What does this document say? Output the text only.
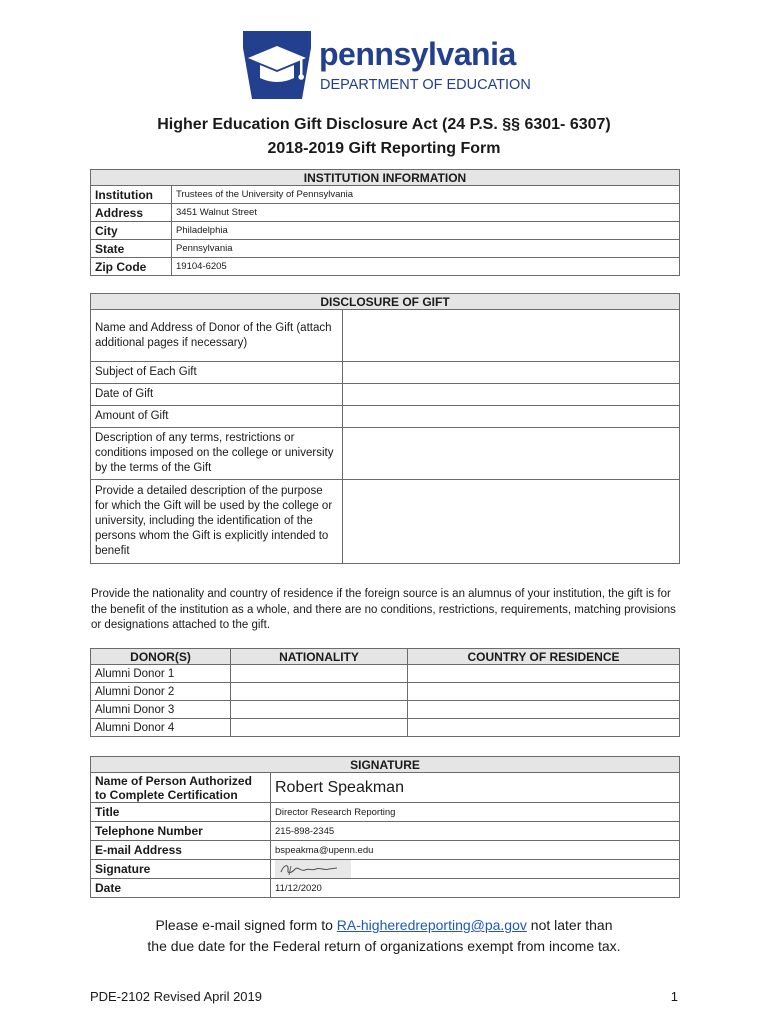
pennsylvania
DEPARTMENT OF EDUCATION
Higher Education Gift Disclosure Act (24 P.S. §§ 6301- 6307)
2018-2019 Gift Reporting Form
INSTITUTION INFORMATION	
Institution	Trustees of the University of Pennsylvania
Address	3451 Walnut Street
City	Philadelphia
State	Pennsylvania
Zip Code	19104-6205
DISCLOSURE OF GIFT	
Name and Address of Donor of the Gift (attach additional pages if necessary)	
Subject of Each Gift	
Date of Gift	
Amount of Gift	
Description of any terms, restrictions or conditions imposed on the college or university by the terms of the Gift	
Provide a detailed description of the purpose for which the Gift will be used by the college or university, including the identification of the persons whom the Gift is explicitly intended to benefit	

Provide the nationality and country of residence if the foreign source is an alumnus of your institution, the gift is for the benefit of the institution as a whole, and there are no conditions, restrictions, requirements, matching provisions or designations attached to the gift.

DONOR(S)	NATIONALITY	COUNTRY OF RESIDENCE
Alumni Donor 1		
Alumni Donor 2		
Alumni Donor 3		
Alumni Donor 4		
SIGNATURE	
Name of Person Authorized to Complete Certification	Robert Speakman
Title	Director Research Reporting
Telephone Number	215-898-2345
E-mail Address	bspeakma@upenn.edu
Signature	
Date	11/12/2020
Please e-mail signed form to RA-higheredreporting@pa.gov not later than
the due date for the Federal return of organizations exempt from income tax.
PDE-2102 Revised April 2019	1
